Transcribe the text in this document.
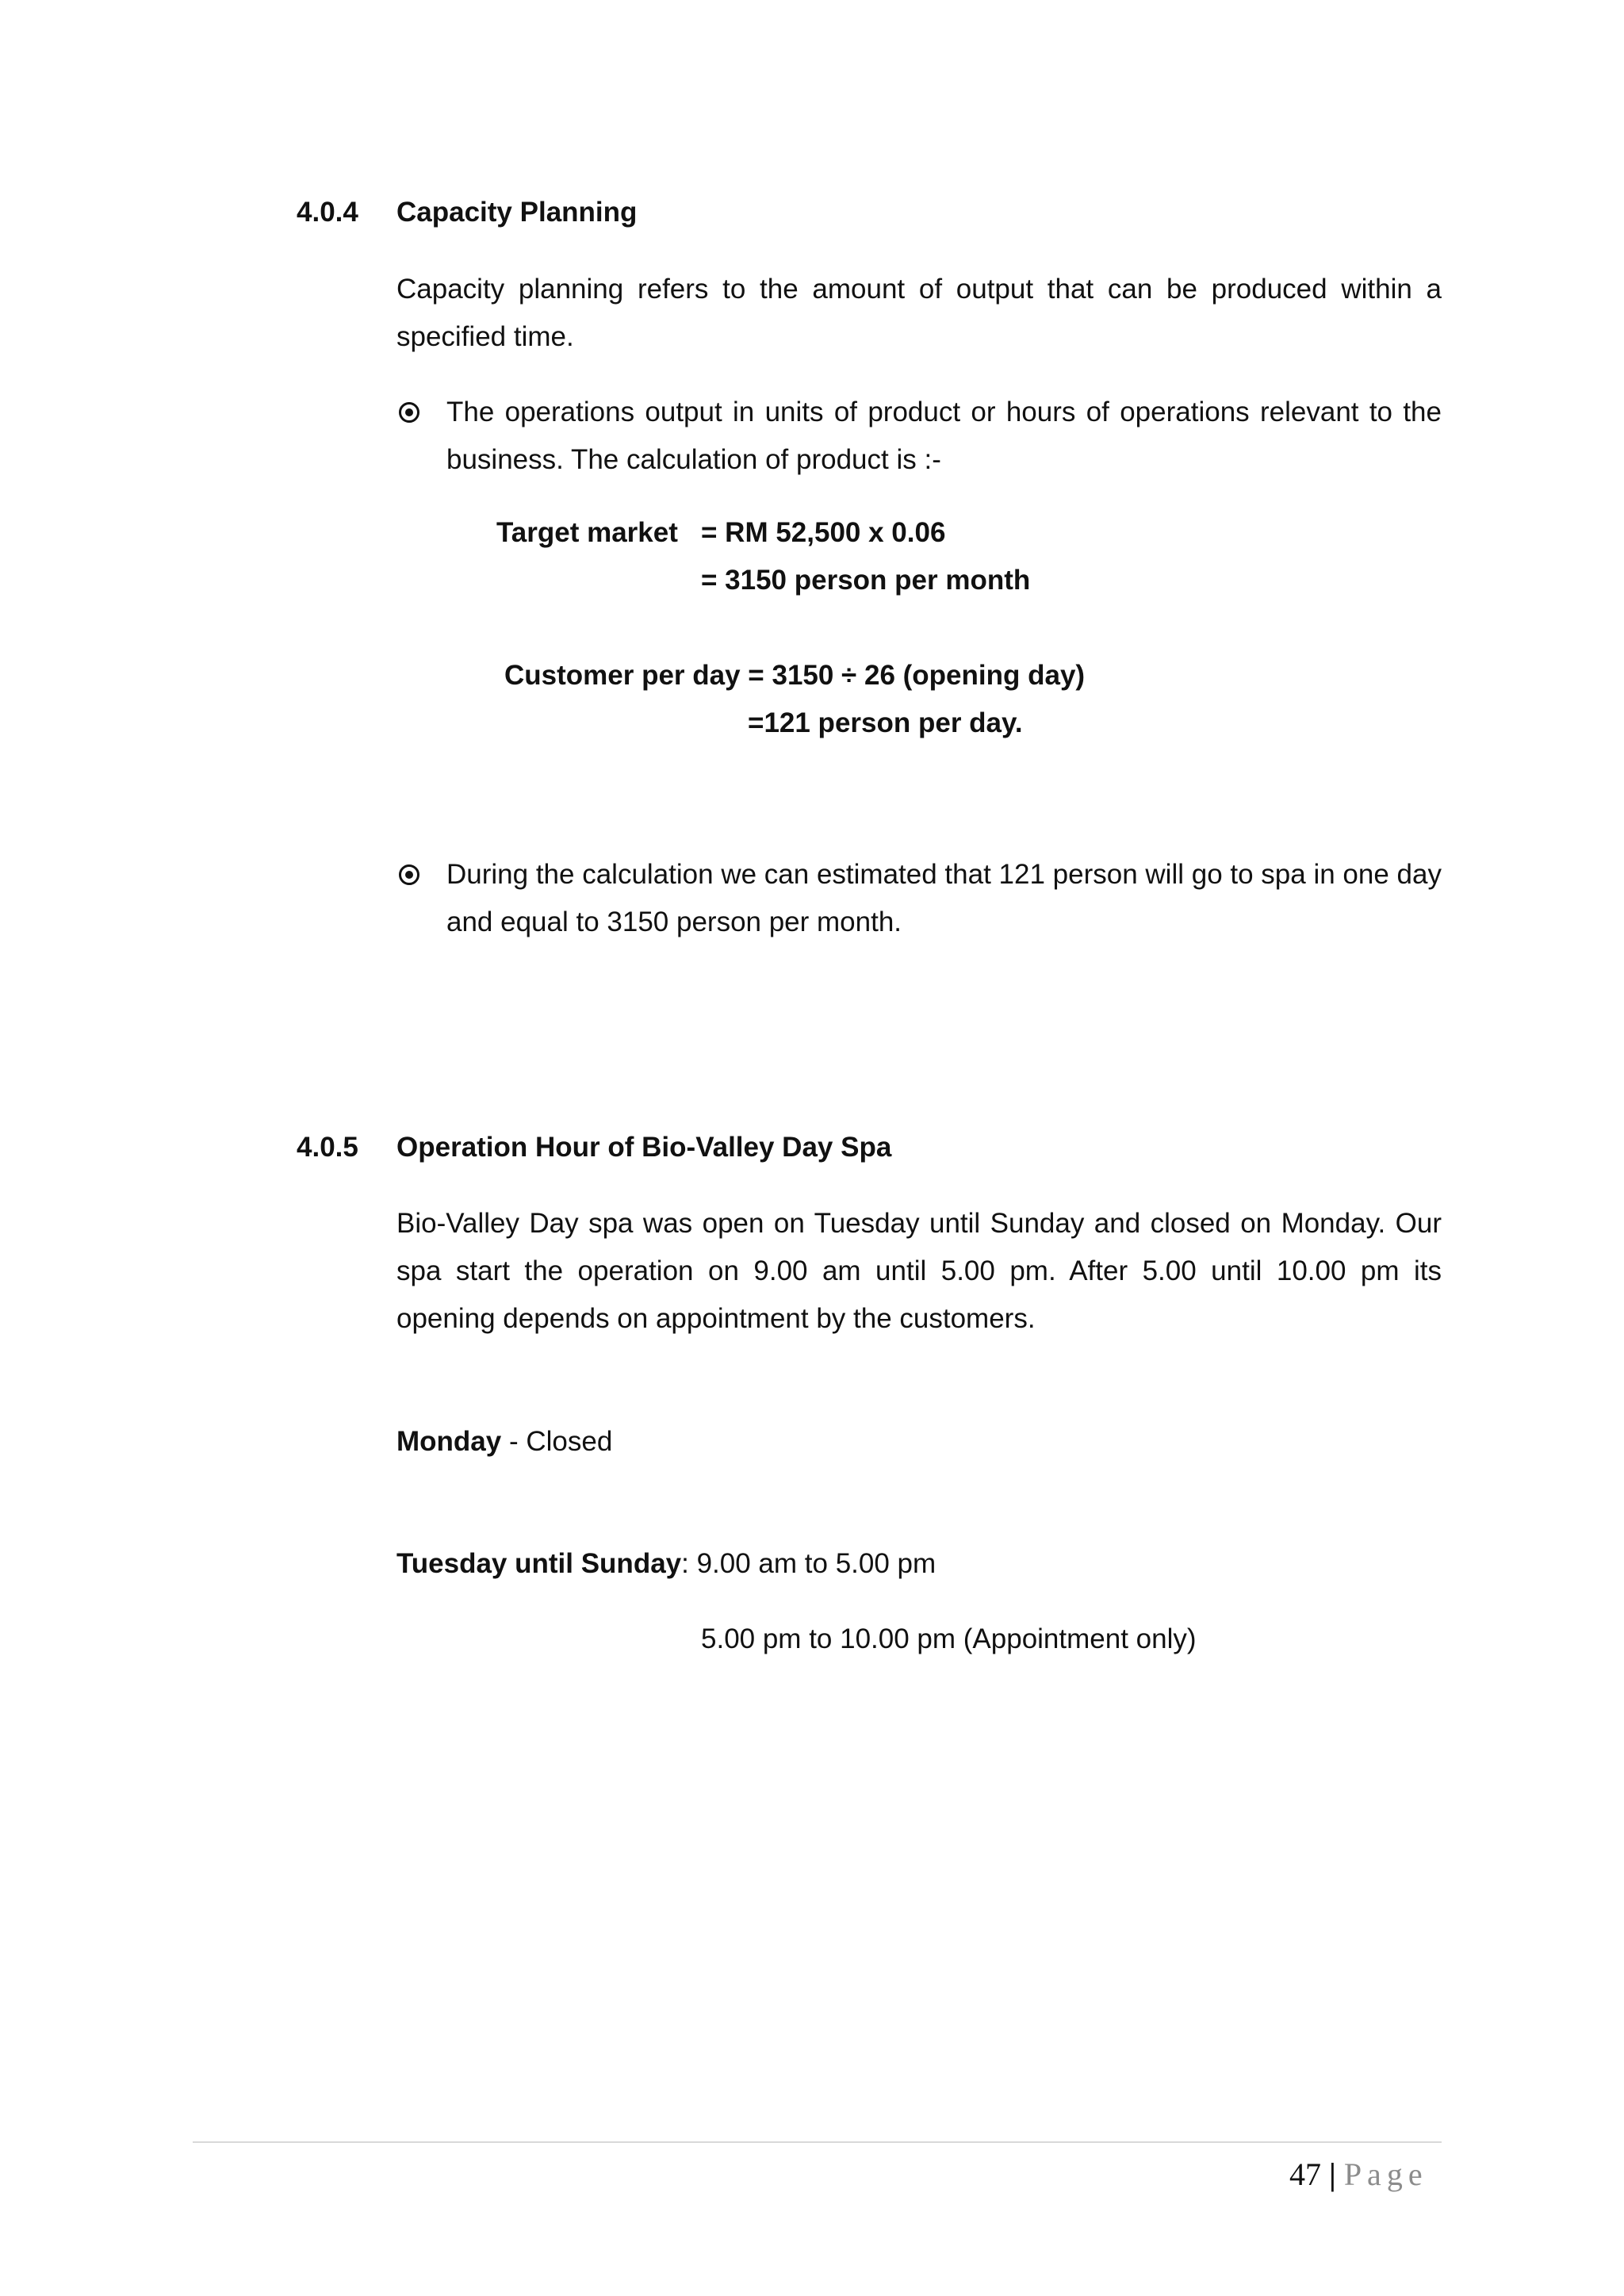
4.0.4 Capacity Planning
Capacity planning refers to the amount of output that can be produced within a specified time.
The operations output in units of product or hours of operations relevant to the business. The calculation of product is :-
Target market = RM 52,500 x 0.06
= 3150 person per month
Customer per day = 3150 ÷ 26 (opening day)
=121 person per day.
During the calculation we can estimated that 121 person will go to spa in one day and equal to 3150 person per month.
4.0.5 Operation Hour of Bio-Valley Day Spa
Bio-Valley Day spa was open on Tuesday until Sunday and closed on Monday. Our spa start the operation on 9.00 am until 5.00 pm. After 5.00 until 10.00 pm its opening depends on appointment by the customers.
Monday - Closed
Tuesday until Sunday: 9.00 am to 5.00 pm
5.00 pm to 10.00 pm (Appointment only)
47 | Page
